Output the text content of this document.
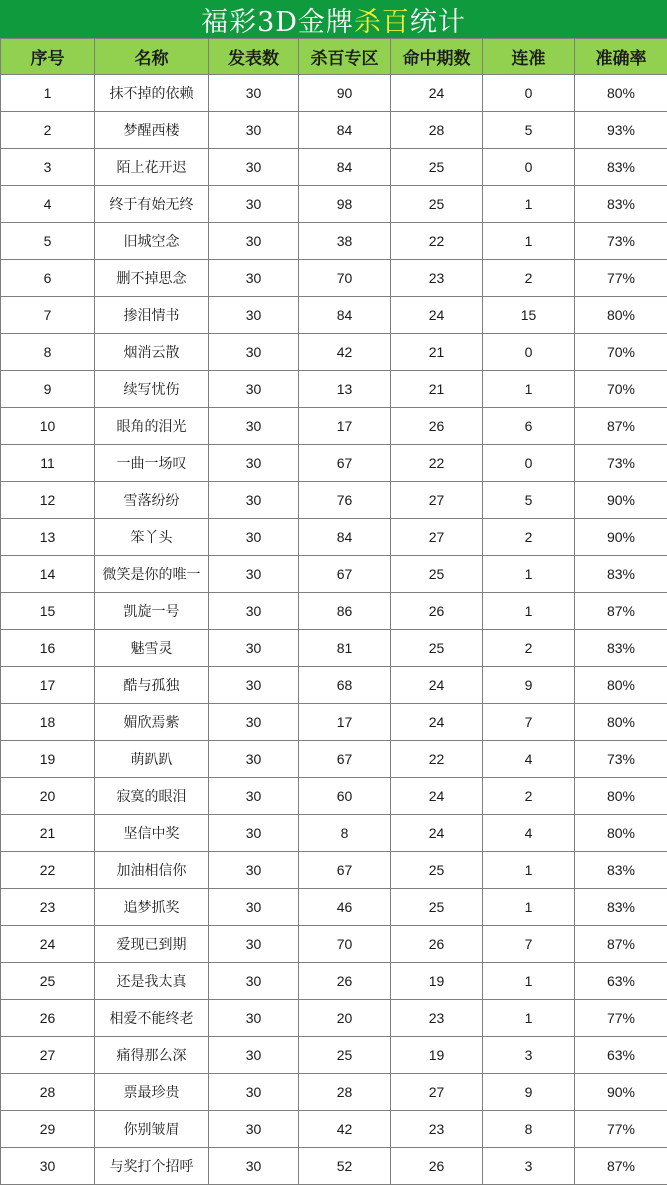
福彩3D金牌 杀百 统计
序号	名称	发表数	杀百专区	命中期数	连准	准确率
1	抹不掉的依赖	30	90	24	0	80%
2	梦醒西楼	30	84	28	5	93%
3	陌上花开迟	30	84	25	0	83%
4	终于有始无终	30	98	25	1	83%
5	旧城空念	30	38	22	1	73%
6	删不掉思念	30	70	23	2	77%
7	掺泪情书	30	84	24	15	80%
8	烟消云散	30	42	21	0	70%
9	续写忧伤	30	13	21	1	70%
10	眼角的泪光	30	17	26	6	87%
11	一曲一场叹	30	67	22	0	73%
12	雪落纷纷	30	76	27	5	90%
13	笨丫头	30	84	27	2	90%
14	微笑是你的唯一	30	67	25	1	83%
15	凯旋一号	30	86	26	1	87%
16	魅雪灵	30	81	25	2	83%
17	酷与孤独	30	68	24	9	80%
18	媚欣焉紫	30	17	24	7	80%
19	萌趴趴	30	67	22	4	73%
20	寂寞的眼泪	30	60	24	2	80%
21	坚信中奖	30	8	24	4	80%
22	加油相信你	30	67	25	1	83%
23	追梦抓奖	30	46	25	1	83%
24	爱现已到期	30	70	26	7	87%
25	还是我太真	30	26	19	1	63%
26	相爱不能终老	30	20	23	1	77%
27	痛得那么深	30	25	19	3	63%
28	票最珍贵	30	28	27	9	90%
29	你别皱眉	30	42	23	8	77%
30	与奖打个招呼	30	52	26	3	87%
